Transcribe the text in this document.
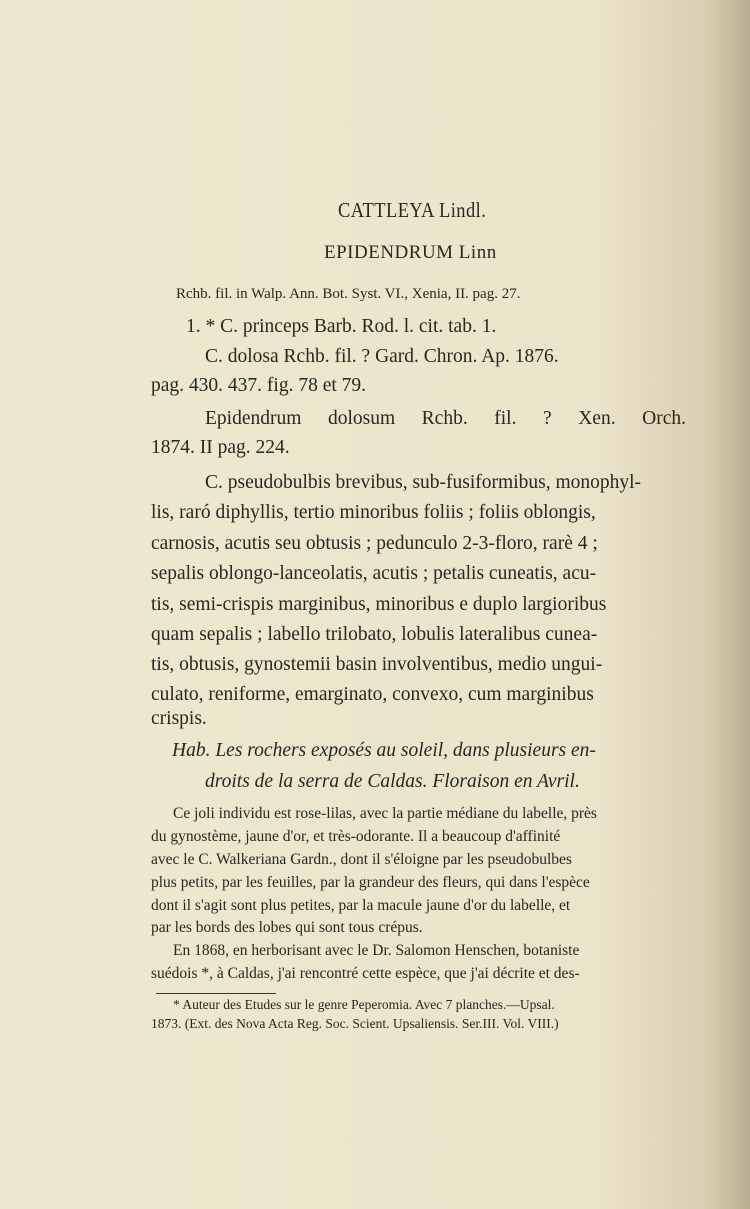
CATTLEYA Lindl.
EPIDENDRUM Linn
Rchb. fil. in Walp. Ann. Bot. Syst. VI., Xenia, II. pag. 27.
1. * C. princeps Barb. Rod. l. cit. tab. 1.
C. dolosa Rchb. fil. ? Gard. Chron. Ap. 1876.
pag. 430. 437. fig. 78 et 79.
Epidendrum dolosum Rchb. fil. ? Xen. Orch.
1874. II pag. 224.
C. pseudobulbis brevibus, sub-fusiformibus, monophyl-
lis, raró diphyllis, tertio minoribus foliis ; foliis oblongis,
carnosis, acutis seu obtusis ; pedunculo 2-3-floro, rarè 4 ;
sepalis oblongo-lanceolatis, acutis ; petalis cuneatis, acu-
tis, semi-crispis marginibus, minoribus e duplo largioribus
quam sepalis ; labello trilobato, lobulis lateralibus cunea-
tis, obtusis, gynostemii basin involventibus, medio ungui-
culato, reniforme, emarginato, convexo, cum marginibus
crispis.
Hab. Les rochers exposés au soleil, dans plusieurs en-
droits de la serra de Caldas. Floraison en Avril.
Ce joli individu est rose-lilas, avec la partie médiane du labelle, près
du gynostème, jaune d'or, et très-odorante. Il a beaucoup d'affinité
avec le C. Walkeriana Gardn., dont il s'éloigne par les pseudobulbes
plus petits, par les feuilles, par la grandeur des fleurs, qui dans l'espèce
dont il s'agit sont plus petites, par la macule jaune d'or du labelle, et
par les bords des lobes qui sont tous crépus.
En 1868, en herborisant avec le Dr. Salomon Henschen, botaniste
suédois *, à Caldas, j'ai rencontré cette espèce, que j'ai décrite et des-
* Auteur des Etudes sur le genre Peperomia. Avec 7 planches.—Upsal.
1873. (Ext. des Nova Acta Reg. Soc. Scient. Upsaliensis. Ser.III. Vol. VIII.)
